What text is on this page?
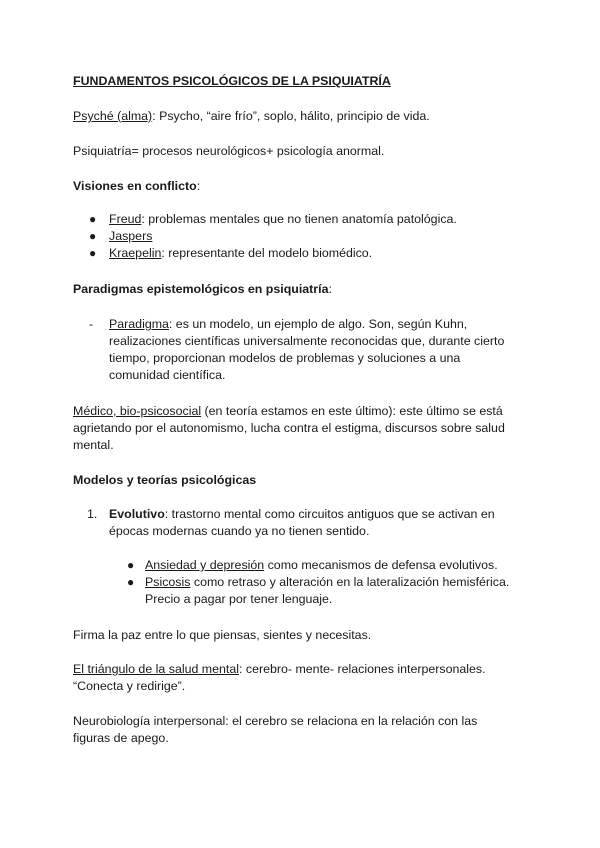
FUNDAMENTOS PSICOLÓGICOS DE LA PSIQUIATRÍA

Psyché (alma): Psycho, “aire frío”, soplo, hálito, principio de vida.

Psiquiatría= procesos neurológicos+ psicología anormal.

Visiones en conflicto:

● Freud: problemas mentales que no tienen anatomía patológica.
● Jaspers
● Kraepelin: representante del modelo biomédico.

Paradigmas epistemológicos en psiquiatría:

- Paradigma: es un modelo, un ejemplo de algo. Son, según Kuhn, realizaciones científicas universalmente reconocidas que, durante cierto tiempo, proporcionan modelos de problemas y soluciones a una comunidad científica.

Médico, bio-psicosocial (en teoría estamos en este último): este último se está agrietando por el autonomismo, lucha contra el estigma, discursos sobre salud mental.

Modelos y teorías psicológicas

1. Evolutivo: trastorno mental como circuitos antiguos que se activan en épocas modernas cuando ya no tienen sentido.
● Ansiedad y depresión como mecanismos de defensa evolutivos.
● Psicosis como retraso y alteración en la lateralización hemisférica. Precio a pagar por tener lenguaje.

Firma la paz entre lo que piensas, sientes y necesitas.

El triángulo de la salud mental: cerebro- mente- relaciones interpersonales. “Conecta y redirige”.

Neurobiología interpersonal: el cerebro se relaciona en la relación con las figuras de apego.
